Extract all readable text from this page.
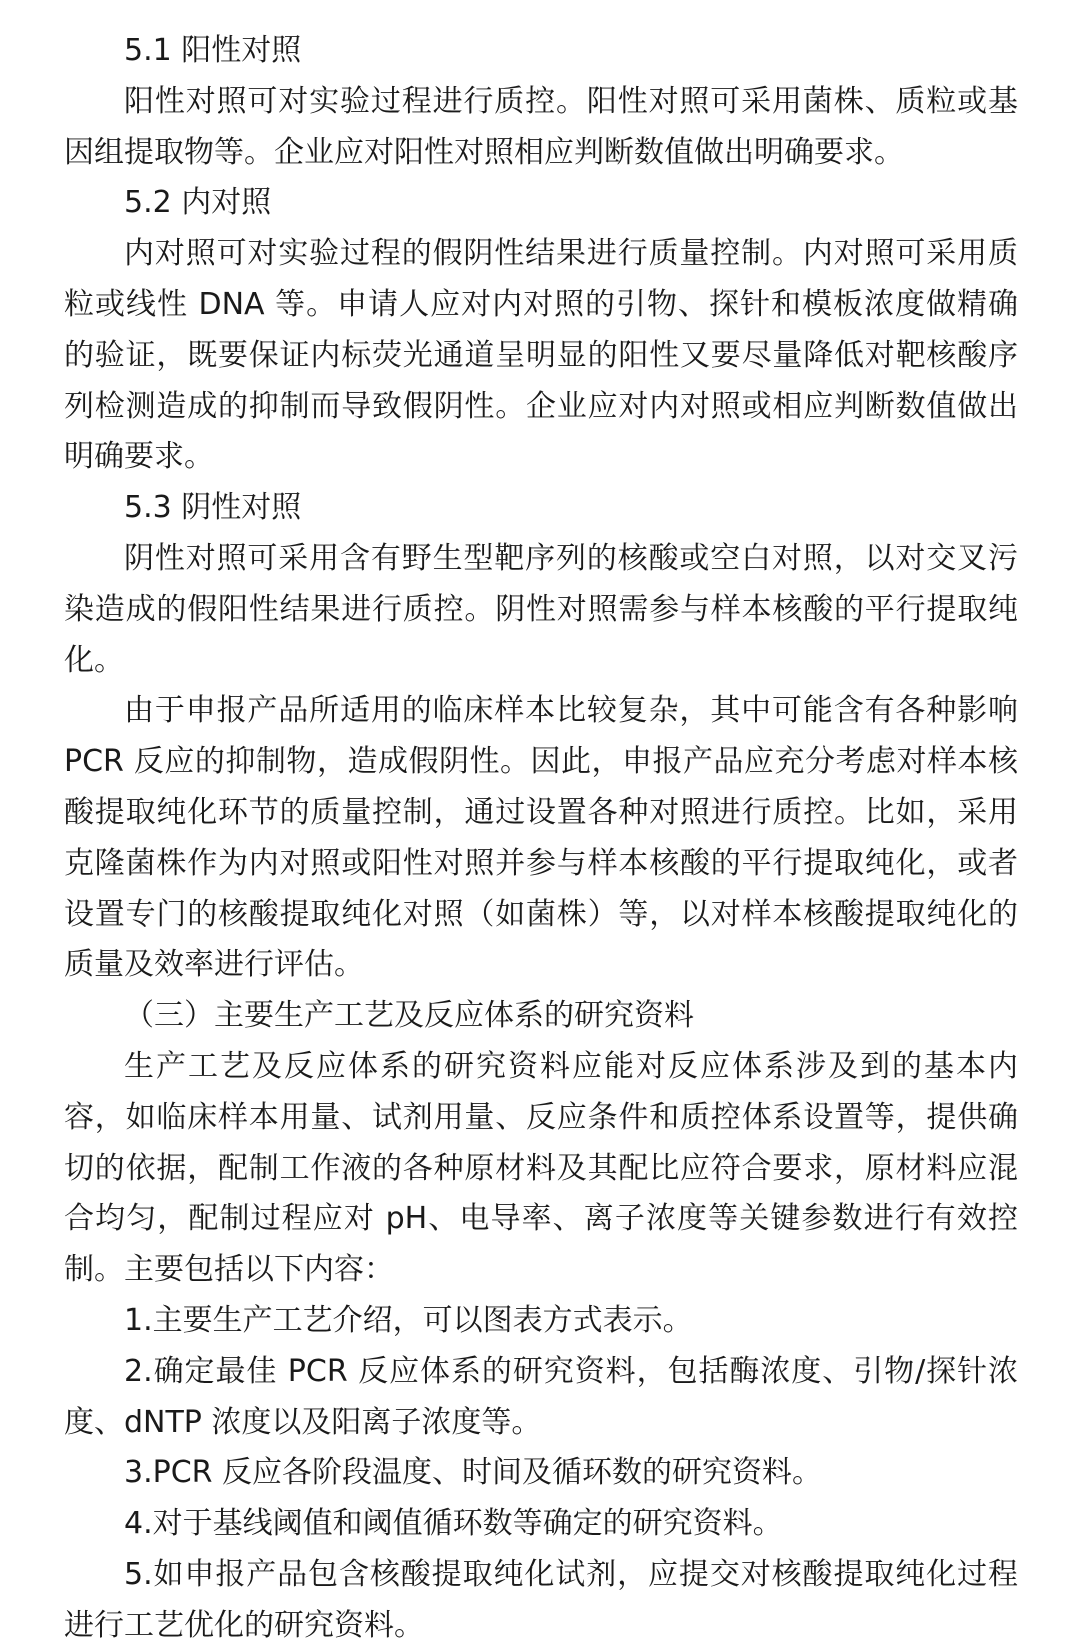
5.1 阳性对照

阳性对照可对实验过程进行质控。阳性对照可采用菌株、质粒或基因组提取物等。企业应对阳性对照相应判断数值做出明确要求。

5.2 内对照

内对照可对实验过程的假阴性结果进行质量控制。内对照可采用质粒或线性 DNA 等。申请人应对内对照的引物、探针和模板浓度做精确的验证，既要保证内标荧光通道呈明显的阳性又要尽量降低对靶核酸序列检测造成的抑制而导致假阴性。企业应对内对照或相应判断数值做出明确要求。

5.3 阴性对照

阴性对照可采用含有野生型靶序列的核酸或空白对照，以对交叉污染造成的假阳性结果进行质控。阴性对照需参与样本核酸的平行提取纯化。

由于申报产品所适用的临床样本比较复杂，其中可能含有各种影响 PCR 反应的抑制物，造成假阴性。因此，申报产品应充分考虑对样本核酸提取纯化环节的质量控制，通过设置各种对照进行质控。比如，采用克隆菌株作为内对照或阳性对照并参与样本核酸的平行提取纯化，或者设置专门的核酸提取纯化对照（如菌株）等，以对样本核酸提取纯化的质量及效率进行评估。

（三）主要生产工艺及反应体系的研究资料

生产工艺及反应体系的研究资料应能对反应体系涉及到的基本内容，如临床样本用量、试剂用量、反应条件和质控体系设置等，提供确切的依据，配制工作液的各种原材料及其配比应符合要求，原材料应混合均匀，配制过程应对 pH、电导率、离子浓度等关键参数进行有效控制。主要包括以下内容：

1.主要生产工艺介绍，可以图表方式表示。

2.确定最佳 PCR 反应体系的研究资料，包括酶浓度、引物/探针浓度、dNTP 浓度以及阳离子浓度等。

3.PCR 反应各阶段温度、时间及循环数的研究资料。

4.对于基线阈值和阈值循环数等确定的研究资料。

5.如申报产品包含核酸提取纯化试剂，应提交对核酸提取纯化过程进行工艺优化的研究资料。
